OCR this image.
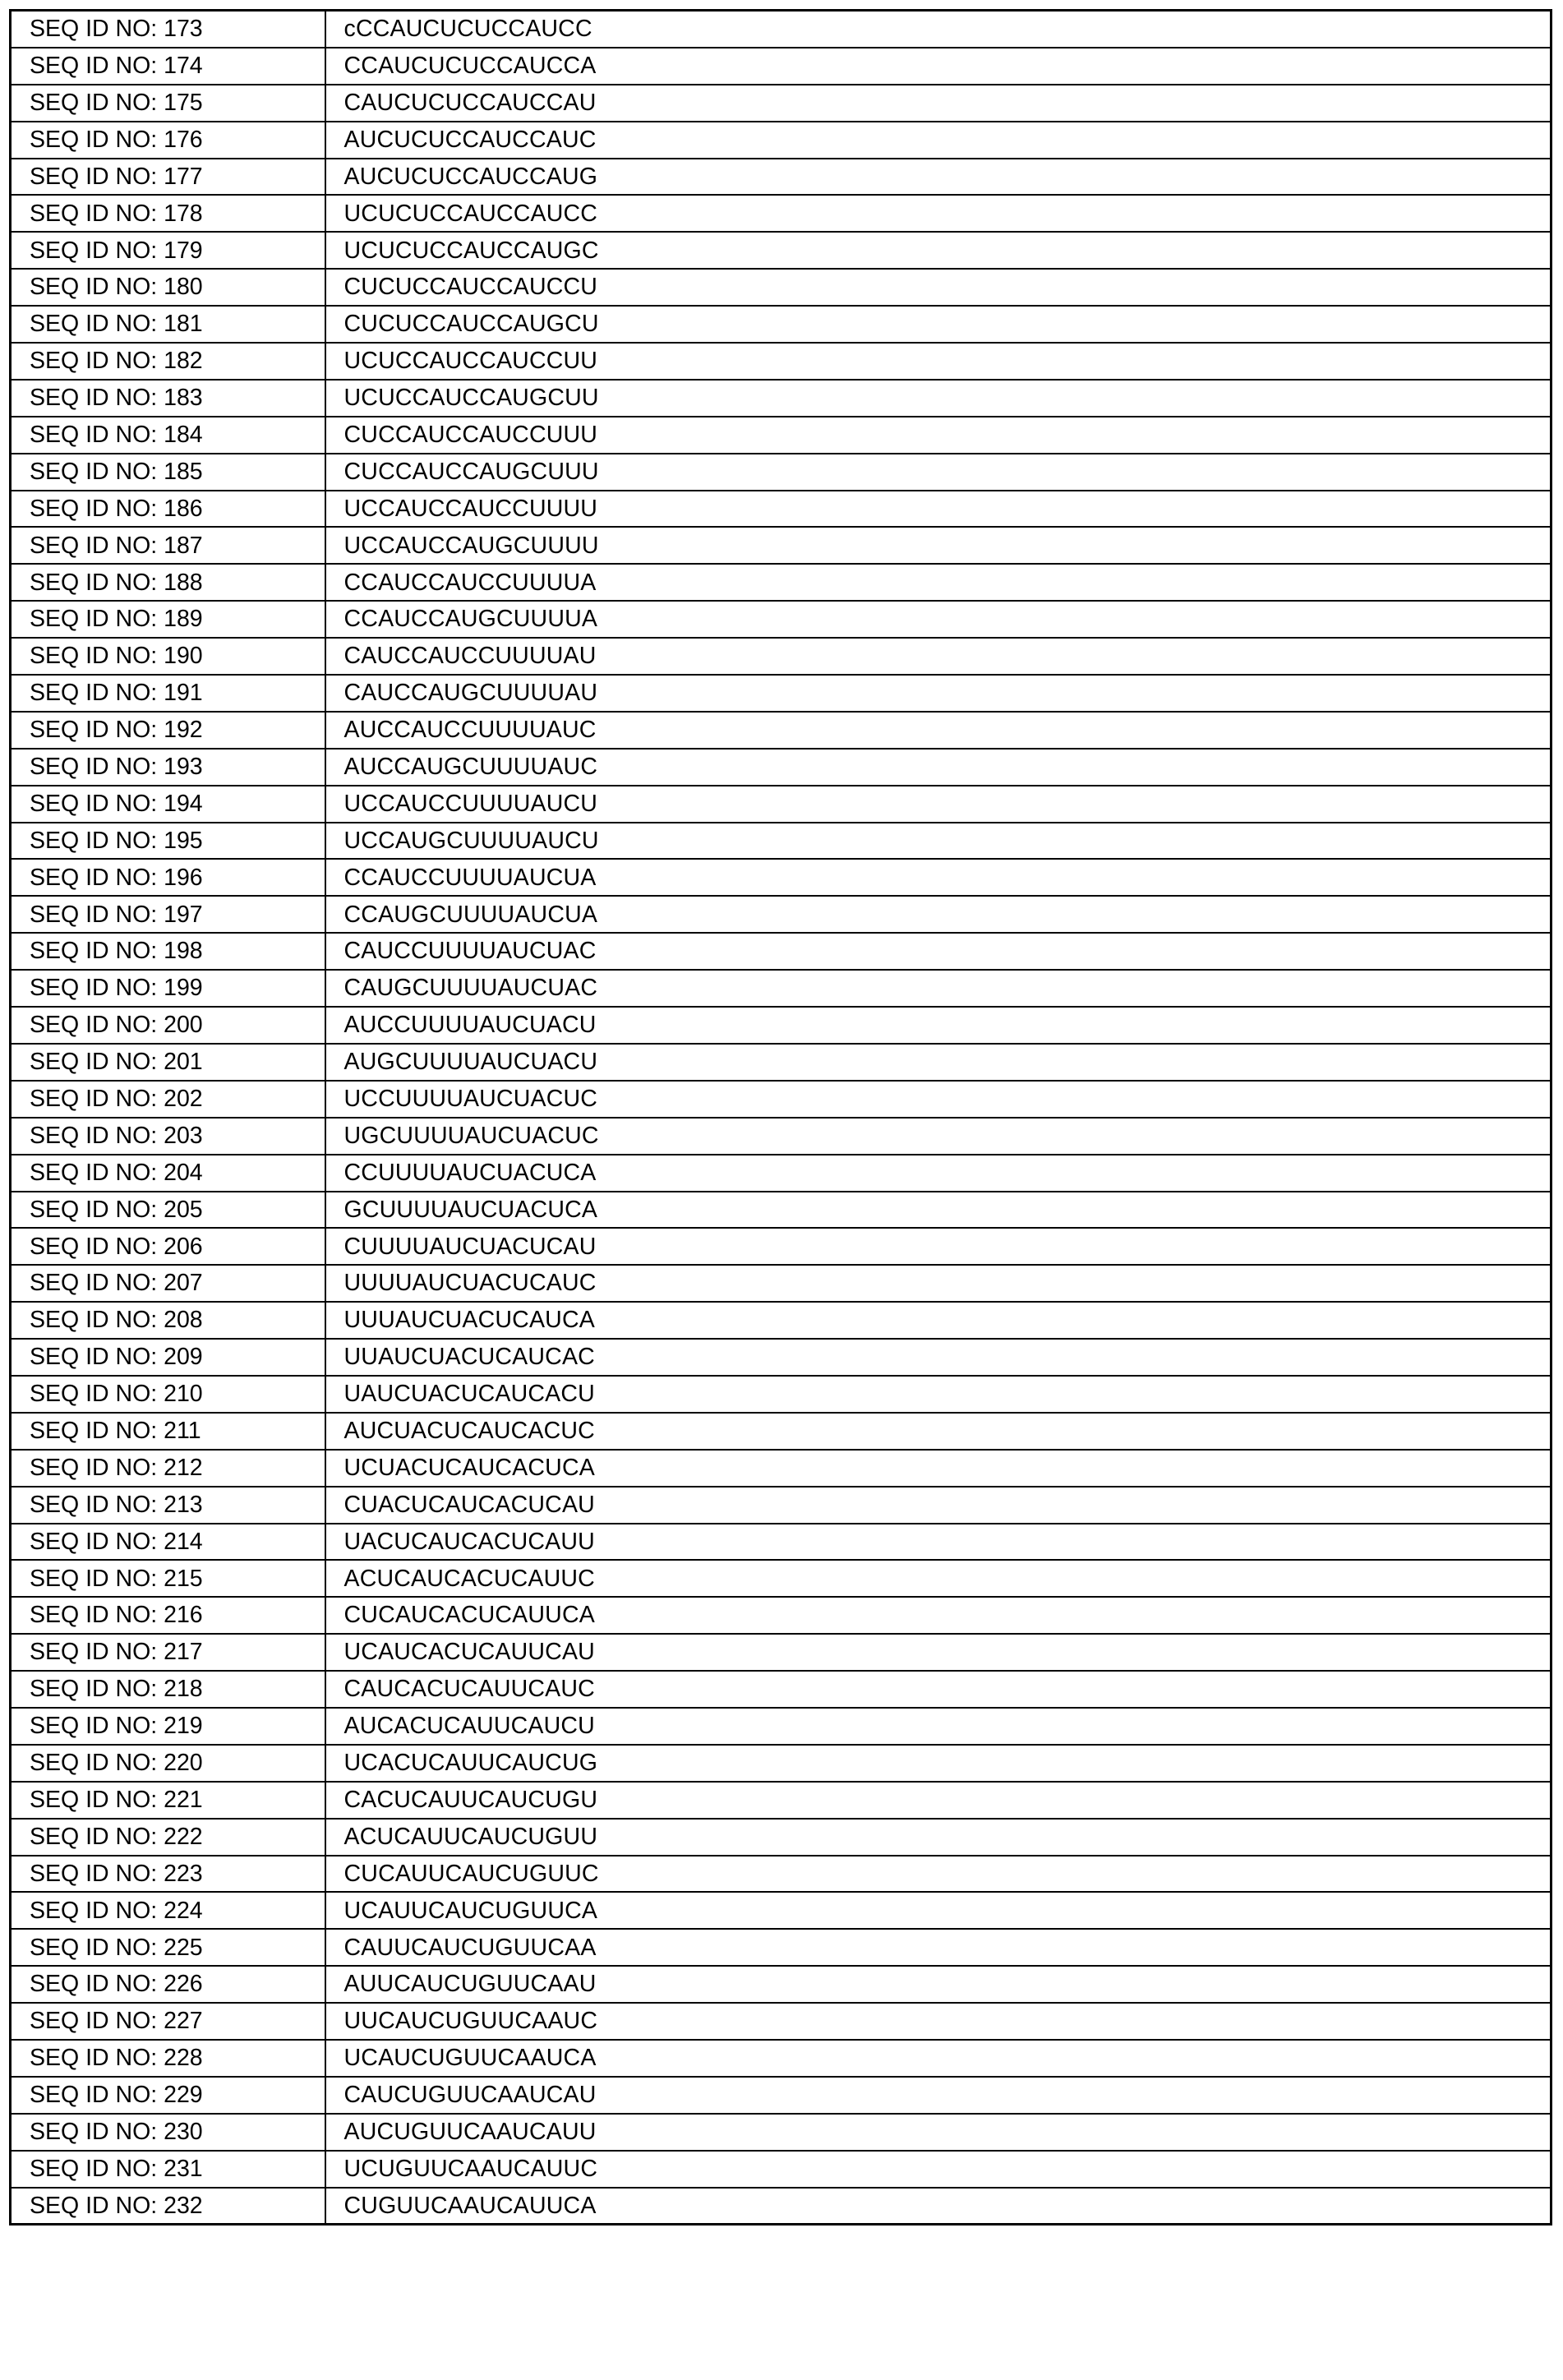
SEQ ID NO: 173	cCCAUCUCUCCAUCC
SEQ ID NO: 174	CCAUCUCUCCAUCCA
SEQ ID NO: 175	CAUCUCUCCAUCCAU
SEQ ID NO: 176	AUCUCUCCAUCCAUC
SEQ ID NO: 177	AUCUCUCCAUCCAUG
SEQ ID NO: 178	UCUCUCCAUCCAUCC
SEQ ID NO: 179	UCUCUCCAUCCAUGC
SEQ ID NO: 180	CUCUCCAUCCAUCCU
SEQ ID NO: 181	CUCUCCAUCCAUGCU
SEQ ID NO: 182	UCUCCAUCCAUCCUU
SEQ ID NO: 183	UCUCCAUCCAUGCUU
SEQ ID NO: 184	CUCCAUCCAUCCUUU
SEQ ID NO: 185	CUCCAUCCAUGCUUU
SEQ ID NO: 186	UCCAUCCAUCCUUUU
SEQ ID NO: 187	UCCAUCCAUGCUUUU
SEQ ID NO: 188	CCAUCCAUCCUUUUA
SEQ ID NO: 189	CCAUCCAUGCUUUUA
SEQ ID NO: 190	CAUCCAUCCUUUUAU
SEQ ID NO: 191	CAUCCAUGCUUUUAU
SEQ ID NO: 192	AUCCAUCCUUUUAUC
SEQ ID NO: 193	AUCCAUGCUUUUAUC
SEQ ID NO: 194	UCCAUCCUUUUAUCU
SEQ ID NO: 195	UCCAUGCUUUUAUCU
SEQ ID NO: 196	CCAUCCUUUUAUCUA
SEQ ID NO: 197	CCAUGCUUUUAUCUA
SEQ ID NO: 198	CAUCCUUUUAUCUAC
SEQ ID NO: 199	CAUGCUUUUAUCUAC
SEQ ID NO: 200	AUCCUUUUAUCUACU
SEQ ID NO: 201	AUGCUUUUAUCUACU
SEQ ID NO: 202	UCCUUUUAUCUACUC
SEQ ID NO: 203	UGCUUUUAUCUACUC
SEQ ID NO: 204	CCUUUUAUCUACUCA
SEQ ID NO: 205	GCUUUUAUCUACUCA
SEQ ID NO: 206	CUUUUAUCUACUCAU
SEQ ID NO: 207	UUUUAUCUACUCAUC
SEQ ID NO: 208	UUUAUCUACUCAUCA
SEQ ID NO: 209	UUAUCUACUCAUCAC
SEQ ID NO: 210	UAUCUACUCAUCACU
SEQ ID NO: 211	AUCUACUCAUCACUC
SEQ ID NO: 212	UCUACUCAUCACUCA
SEQ ID NO: 213	CUACUCAUCACUCAU
SEQ ID NO: 214	UACUCAUCACUCAUU
SEQ ID NO: 215	ACUCAUCACUCAUUC
SEQ ID NO: 216	CUCAUCACUCAUUCA
SEQ ID NO: 217	UCAUCACUCAUUCAU
SEQ ID NO: 218	CAUCACUCAUUCAUC
SEQ ID NO: 219	AUCACUCAUUCAUCU
SEQ ID NO: 220	UCACUCAUUCAUCUG
SEQ ID NO: 221	CACUCAUUCAUCUGU
SEQ ID NO: 222	ACUCAUUCAUCUGUU
SEQ ID NO: 223	CUCAUUCAUCUGUUC
SEQ ID NO: 224	UCAUUCAUCUGUUCA
SEQ ID NO: 225	CAUUCAUCUGUUCAA
SEQ ID NO: 226	AUUCAUCUGUUCAAU
SEQ ID NO: 227	UUCAUCUGUUCAAUC
SEQ ID NO: 228	UCAUCUGUUCAAUCA
SEQ ID NO: 229	CAUCUGUUCAAUCAU
SEQ ID NO: 230	AUCUGUUCAAUCAUU
SEQ ID NO: 231	UCUGUUCAAUCAUUC
SEQ ID NO: 232	CUGUUCAAUCAUUCA
